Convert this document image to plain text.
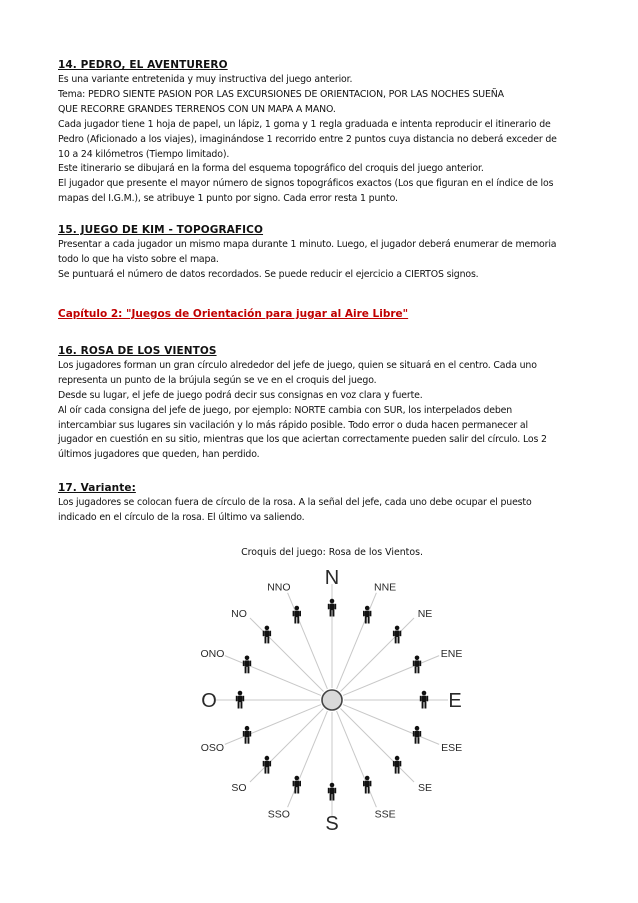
14. PEDRO, EL AVENTURERO

Es una variante entretenida y muy instructiva del juego anterior.

Tema: PEDRO SIENTE PASION POR LAS EXCURSIONES DE ORIENTACION, POR LAS NOCHES SUEÑA

QUE RECORRE GRANDES TERRENOS CON UN MAPA A MANO.

Cada jugador tiene 1 hoja de papel, un lápiz, 1 goma y 1 regla graduada e intenta reproducir el itinerario de

Pedro (Aficionado a los viajes), imaginándose 1 recorrido entre 2 puntos cuya distancia no deberá exceder de

10 a 24 kilómetros (Tiempo limitado).

Este itinerario se dibujará en la forma del esquema topográfico del croquis del juego anterior.

El jugador que presente el mayor número de signos topográficos exactos (Los que figuran en el índice de los

mapas del I.G.M.), se atribuye 1 punto por signo. Cada error resta 1 punto.

15. JUEGO DE KIM - TOPOGRAFICO

Presentar a cada jugador un mismo mapa durante 1 minuto. Luego, el jugador deberá enumerar de memoria

todo lo que ha visto sobre el mapa.

Se puntuará el número de datos recordados. Se puede reducir el ejercicio a CIERTOS signos.

Capítulo 2: "Juegos de Orientación para jugar al Aire Libre"

16. ROSA DE LOS VIENTOS

Los jugadores forman un gran círculo alrededor del jefe de juego, quien se situará en el centro. Cada uno

representa un punto de la brújula según se ve en el croquis del juego.

Desde su lugar, el jefe de juego podrá decir sus consignas en voz clara y fuerte.

Al oír cada consigna del jefe de juego, por ejemplo: NORTE cambia con SUR, los interpelados deben

intercambiar sus lugares sin vacilación y lo más rápido posible. Todo error o duda hacen permanecer al

jugador en cuestión en su sitio, mientras que los que aciertan correctamente pueden salir del círculo. Los 2

últimos jugadores que queden, han perdido.

17. Variante:

Los jugadores se colocan fuera de círculo de la rosa. A la señal del jefe, cada uno debe ocupar el puesto

indicado en el círculo de la rosa. El último va saliendo.

Croquis del juego: Rosa de los Vientos.

N	NNE
NE
ENE
E
ESE
SE
SSE
S
SSO
SO
OSO
O
ONO
NO
NNO
